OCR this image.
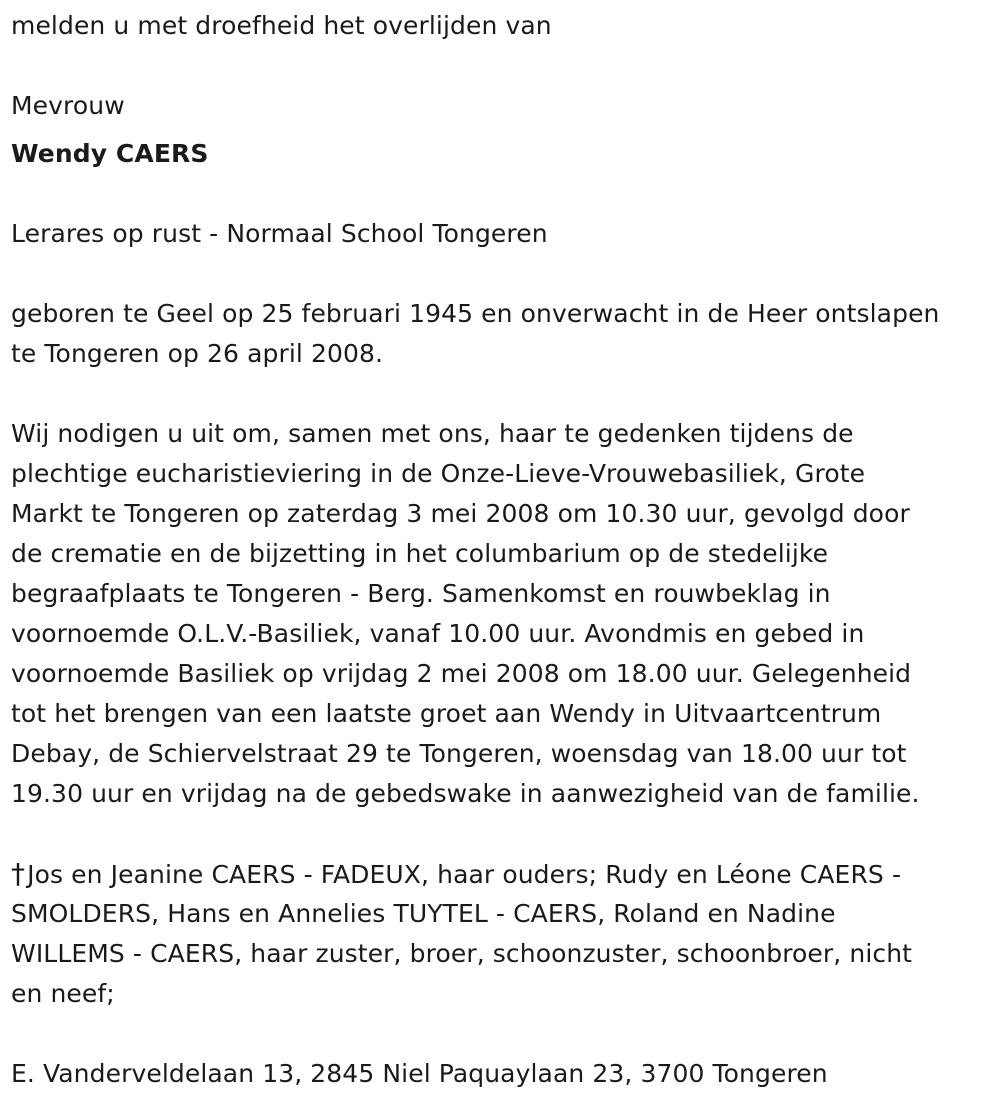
melden u met droefheid het overlijden van
Mevrouw
Wendy CAERS
Lerares op rust - Normaal School Tongeren
geboren te Geel op 25 februari 1945 en onverwacht in de Heer ontslapen
te Tongeren op 26 april 2008.
Wij nodigen u uit om, samen met ons, haar te gedenken tijdens de
plechtige eucharistieviering in de Onze-Lieve-Vrouwebasiliek, Grote
Markt te Tongeren op zaterdag 3 mei 2008 om 10.30 uur, gevolgd door
de crematie en de bijzetting in het columbarium op de stedelijke
begraafplaats te Tongeren - Berg. Samenkomst en rouwbeklag in
voornoemde O.L.V.-Basiliek, vanaf 10.00 uur. Avondmis en gebed in
voornoemde Basiliek op vrijdag 2 mei 2008 om 18.00 uur. Gelegenheid
tot het brengen van een laatste groet aan Wendy in Uitvaartcentrum
Debay, de Schiervelstraat 29 te Tongeren, woensdag van 18.00 uur tot
19.30 uur en vrijdag na de gebedswake in aanwezigheid van de familie.
†Jos en Jeanine CAERS - FADEUX, haar ouders; Rudy en Léone CAERS -
SMOLDERS, Hans en Annelies TUYTEL - CAERS, Roland en Nadine
WILLEMS - CAERS, haar zuster, broer, schoonzuster, schoonbroer, nicht
en neef;
E. Vanderveldelaan 13, 2845 Niel Paquaylaan 23, 3700 Tongeren
